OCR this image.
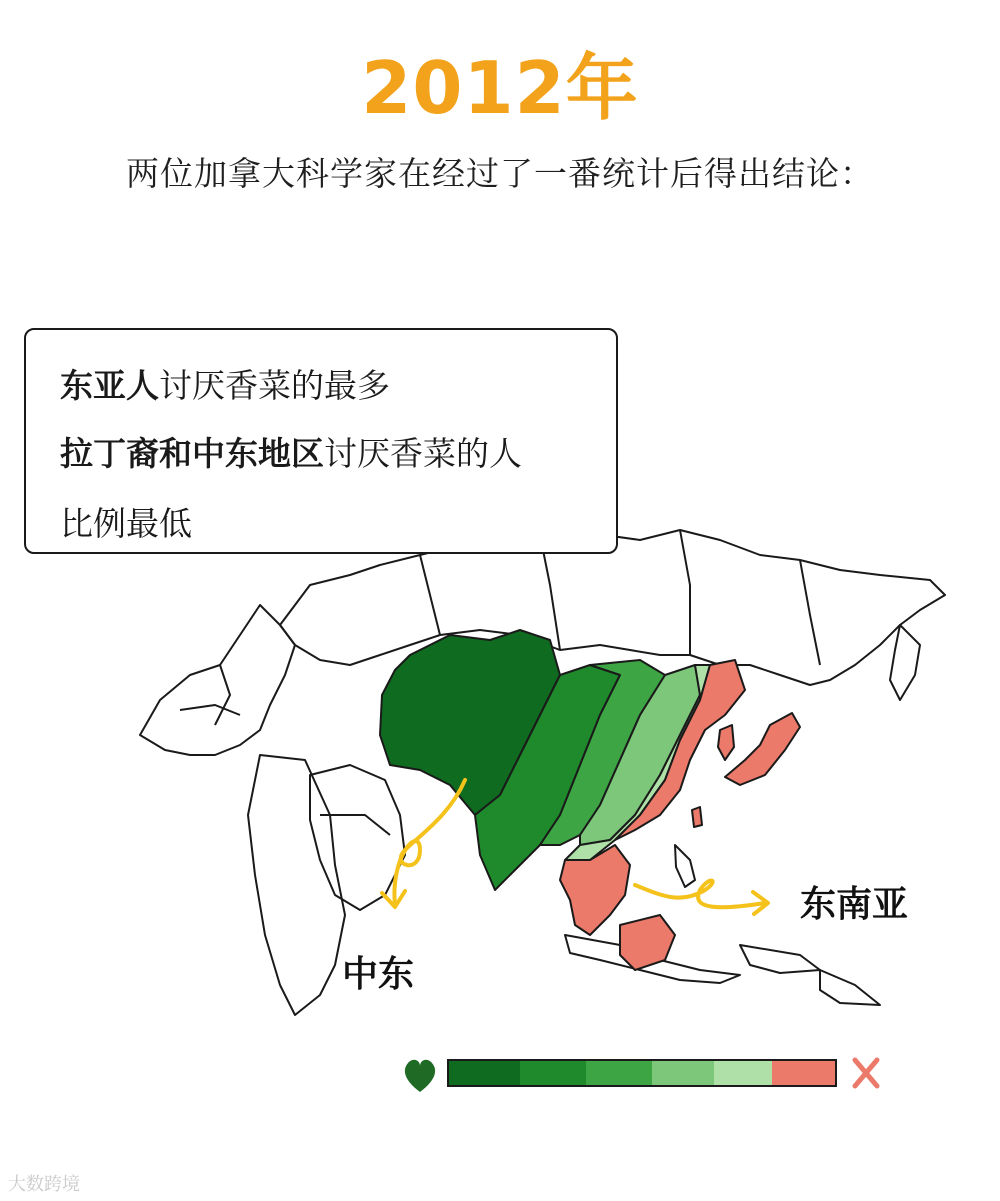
2012年
两位加拿大科学家在经过了一番统计后得出结论：
东亚人讨厌香菜的最多
拉丁裔和中东地区讨厌香菜的人
比例最低
中东
东南亚
大数跨境
